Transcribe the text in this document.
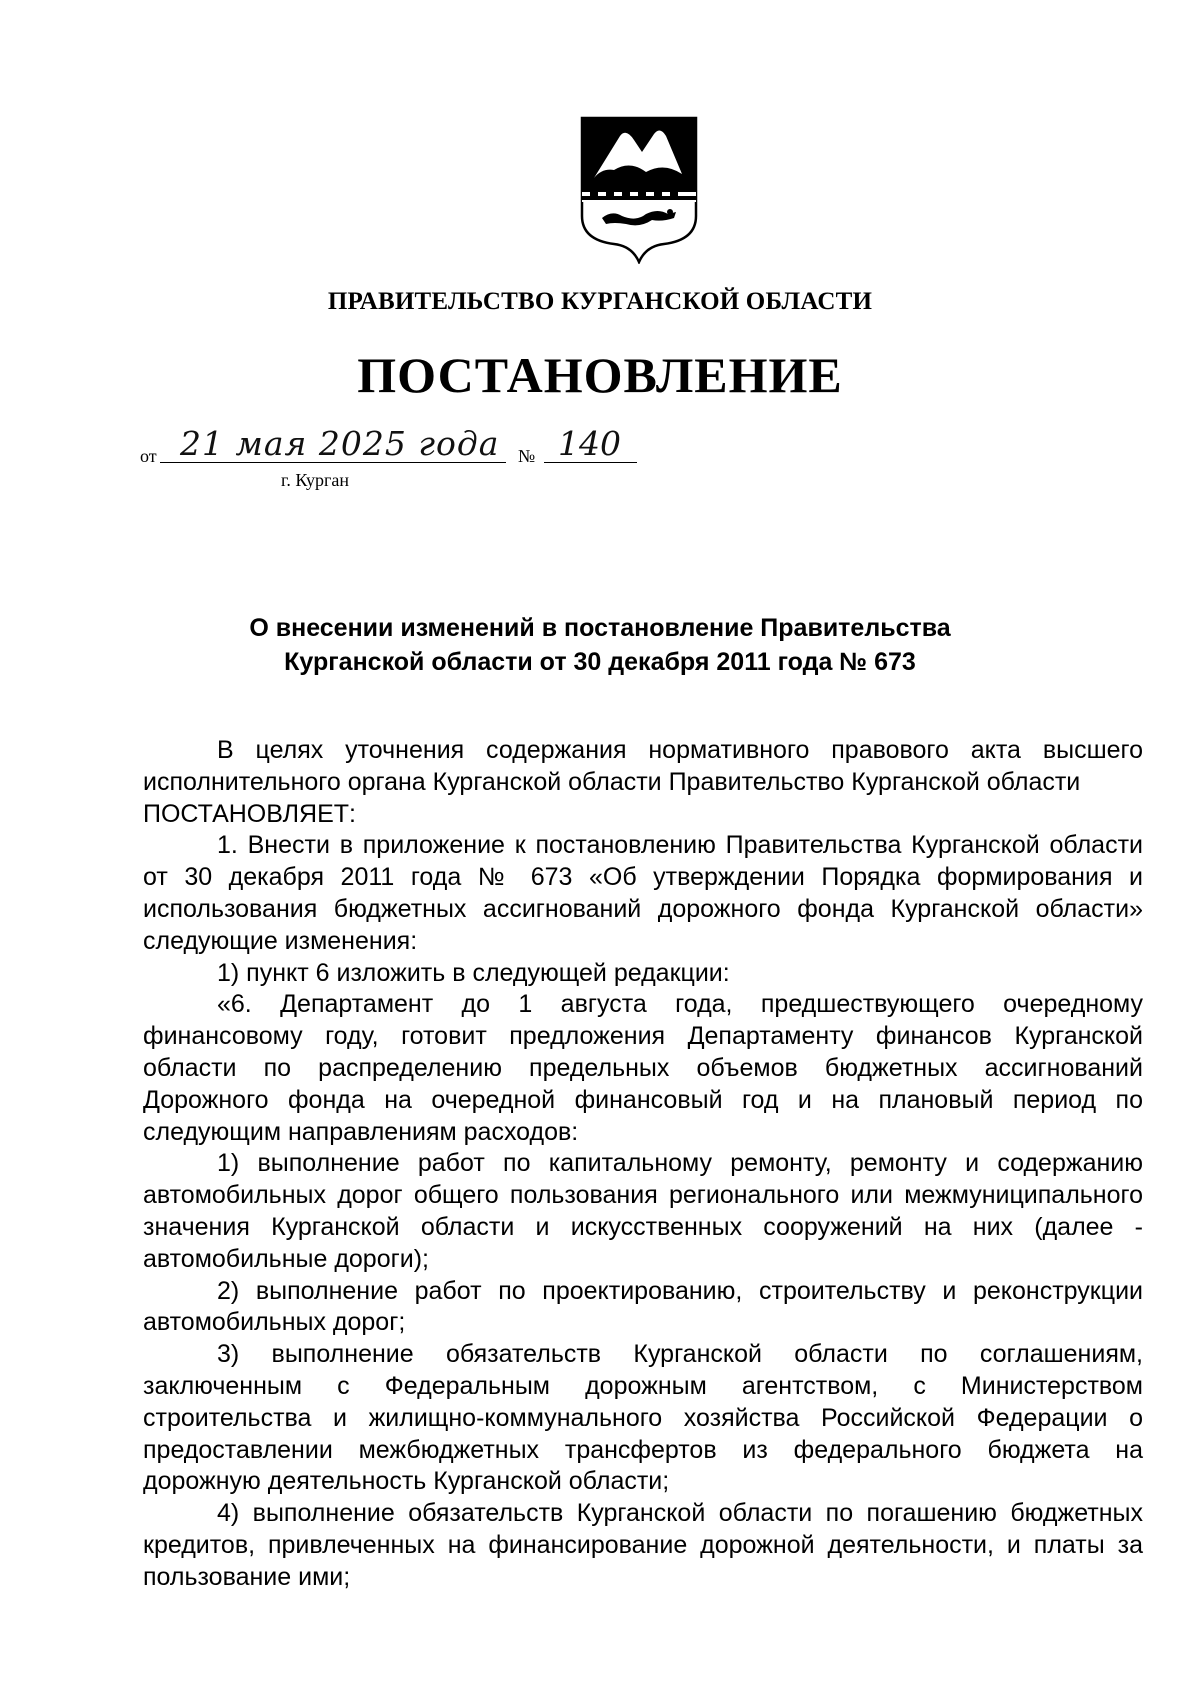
ПРАВИТЕЛЬСТВО КУРГАНСКОЙ ОБЛАСТИ
ПОСТАНОВЛЕНИЕ
от 21 мая 2025 года № 140
г. Курган
О внесении изменений в постановление Правительства
Курганской области от 30 декабря 2011 года № 673

В целях уточнения содержания нормативного правового акта высшего исполнительного органа Курганской области Правительство Курганской области

ПОСТАНОВЛЯЕТ:

1. Внести в приложение к постановлению Правительства Курганской области от 30 декабря 2011 года № 673 «Об утверждении Порядка формирования и использования бюджетных ассигнований дорожного фонда Курганской области» следующие изменения:

1) пункт 6 изложить в следующей редакции:

«6. Департамент до 1 августа года, предшествующего очередному финансовому году, готовит предложения Департаменту финансов Курганской области по распределению предельных объемов бюджетных ассигнований Дорожного фонда на очередной финансовый год и на плановый период по следующим направлениям расходов:

1) выполнение работ по капитальному ремонту, ремонту и содержанию автомобильных дорог общего пользования регионального или межмуниципального значения Курганской области и искусственных сооружений на них (далее - автомобильные дороги);

2) выполнение работ по проектированию, строительству и реконструкции автомобильных дорог;

3) выполнение обязательств Курганской области по соглашениям, заключенным с Федеральным дорожным агентством, с Министерством строительства и жилищно-коммунального хозяйства Российской Федерации о предоставлении межбюджетных трансфертов из федерального бюджета на дорожную деятельность Курганской области;

4) выполнение обязательств Курганской области по погашению бюджетных кредитов, привлеченных на финансирование дорожной деятельности, и платы за пользование ими;
